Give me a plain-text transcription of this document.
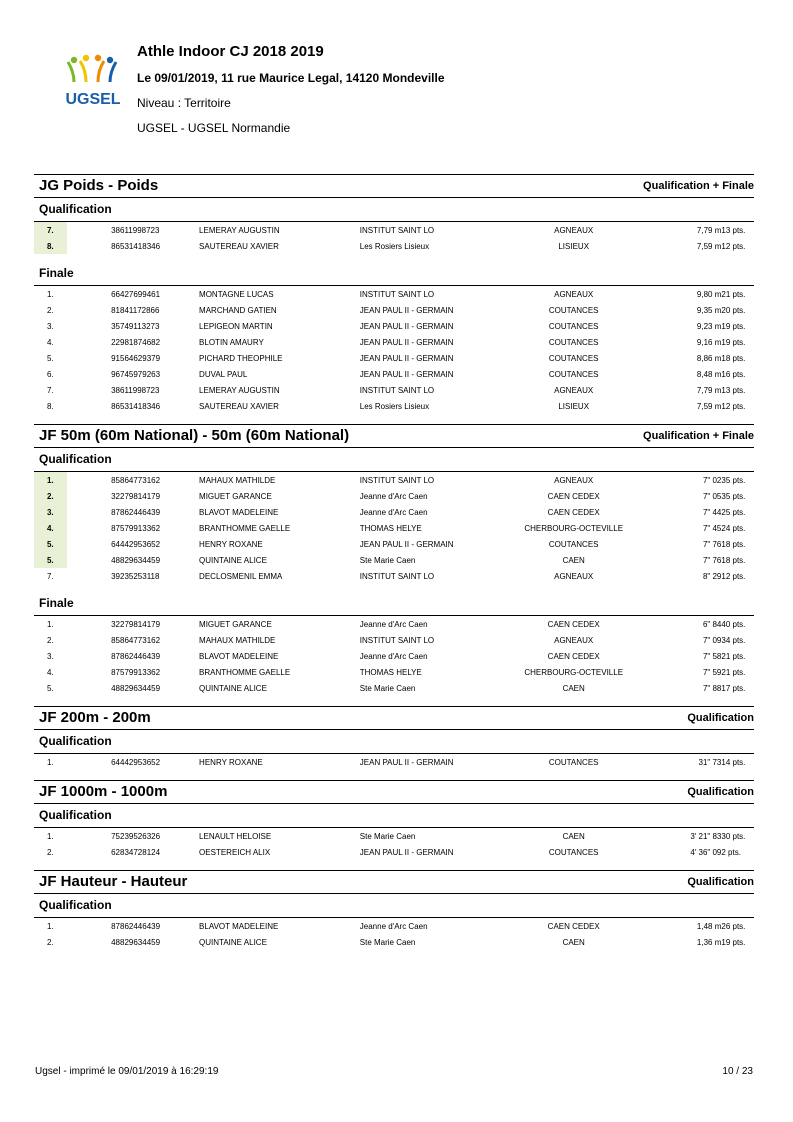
UGSEL
Athle Indoor CJ 2018 2019
Le 09/01/2019, 11 rue Maurice Legal, 14120 Mondeville
Niveau : Territoire
UGSEL - UGSEL Normandie
JG Poids - Poids	Qualification + Finale
Qualification
7.		38611998723	LEMERAY AUGUSTIN	INSTITUT SAINT LO	AGNEAUX	7,79 m	13 pts.
8.		86531418346	SAUTEREAU XAVIER	Les Rosiers Lisieux	LISIEUX	7,59 m	12 pts.
Finale
1.		66427699461	MONTAGNE LUCAS	INSTITUT SAINT LO	AGNEAUX	9,80 m	21 pts.
2.		81841172866	MARCHAND GATIEN	JEAN PAUL II - GERMAIN	COUTANCES	9,35 m	20 pts.
3.		35749113273	LEPIGEON MARTIN	JEAN PAUL II - GERMAIN	COUTANCES	9,23 m	19 pts.
4.		22981874682	BLOTIN AMAURY	JEAN PAUL II - GERMAIN	COUTANCES	9,16 m	19 pts.
5.		91564629379	PICHARD THEOPHILE	JEAN PAUL II - GERMAIN	COUTANCES	8,86 m	18 pts.
6.		96745979263	DUVAL PAUL	JEAN PAUL II - GERMAIN	COUTANCES	8,48 m	16 pts.
7.		38611998723	LEMERAY AUGUSTIN	INSTITUT SAINT LO	AGNEAUX	7,79 m	13 pts.
8.		86531418346	SAUTEREAU XAVIER	Les Rosiers Lisieux	LISIEUX	7,59 m	12 pts.
JF 50m (60m National) - 50m (60m National)	Qualification + Finale
Qualification
1.		85864773162	MAHAUX MATHILDE	INSTITUT SAINT LO	AGNEAUX	7" 02	35 pts.
2.		32279814179	MIGUET GARANCE	Jeanne d'Arc Caen	CAEN CEDEX	7" 05	35 pts.
3.		87862446439	BLAVOT MADELEINE	Jeanne d'Arc Caen	CAEN CEDEX	7" 44	25 pts.
4.		87579913362	BRANTHOMME GAELLE	THOMAS HELYE	CHERBOURG-OCTEVILLE	7" 45	24 pts.
5.		64442953652	HENRY ROXANE	JEAN PAUL II - GERMAIN	COUTANCES	7" 76	18 pts.
5.		48829634459	QUINTAINE ALICE	Ste Marie Caen	CAEN	7" 76	18 pts.
7.		39235253118	DECLOSMENIL EMMA	INSTITUT SAINT LO	AGNEAUX	8" 29	12 pts.
Finale
1.		32279814179	MIGUET GARANCE	Jeanne d'Arc Caen	CAEN CEDEX	6" 84	40 pts.
2.		85864773162	MAHAUX MATHILDE	INSTITUT SAINT LO	AGNEAUX	7" 09	34 pts.
3.		87862446439	BLAVOT MADELEINE	Jeanne d'Arc Caen	CAEN CEDEX	7" 58	21 pts.
4.		87579913362	BRANTHOMME GAELLE	THOMAS HELYE	CHERBOURG-OCTEVILLE	7" 59	21 pts.
5.		48829634459	QUINTAINE ALICE	Ste Marie Caen	CAEN	7" 88	17 pts.
JF 200m - 200m	Qualification
Qualification
1.		64442953652	HENRY ROXANE	JEAN PAUL II - GERMAIN	COUTANCES	31" 73	14 pts.
JF 1000m - 1000m	Qualification
Qualification
1.		75239526326	LENAULT HELOISE	Ste Marie Caen	CAEN	3' 21" 83	30 pts.
2.		62834728124	OESTEREICH ALIX	JEAN PAUL II - GERMAIN	COUTANCES	4' 36" 09	2 pts.
JF Hauteur - Hauteur	Qualification
Qualification
1.		87862446439	BLAVOT MADELEINE	Jeanne d'Arc Caen	CAEN CEDEX	1,48 m	26 pts.
2.		48829634459	QUINTAINE ALICE	Ste Marie Caen	CAEN	1,36 m	19 pts.
Ugsel - imprimé le 09/01/2019 à 16:29:19	10 / 23
